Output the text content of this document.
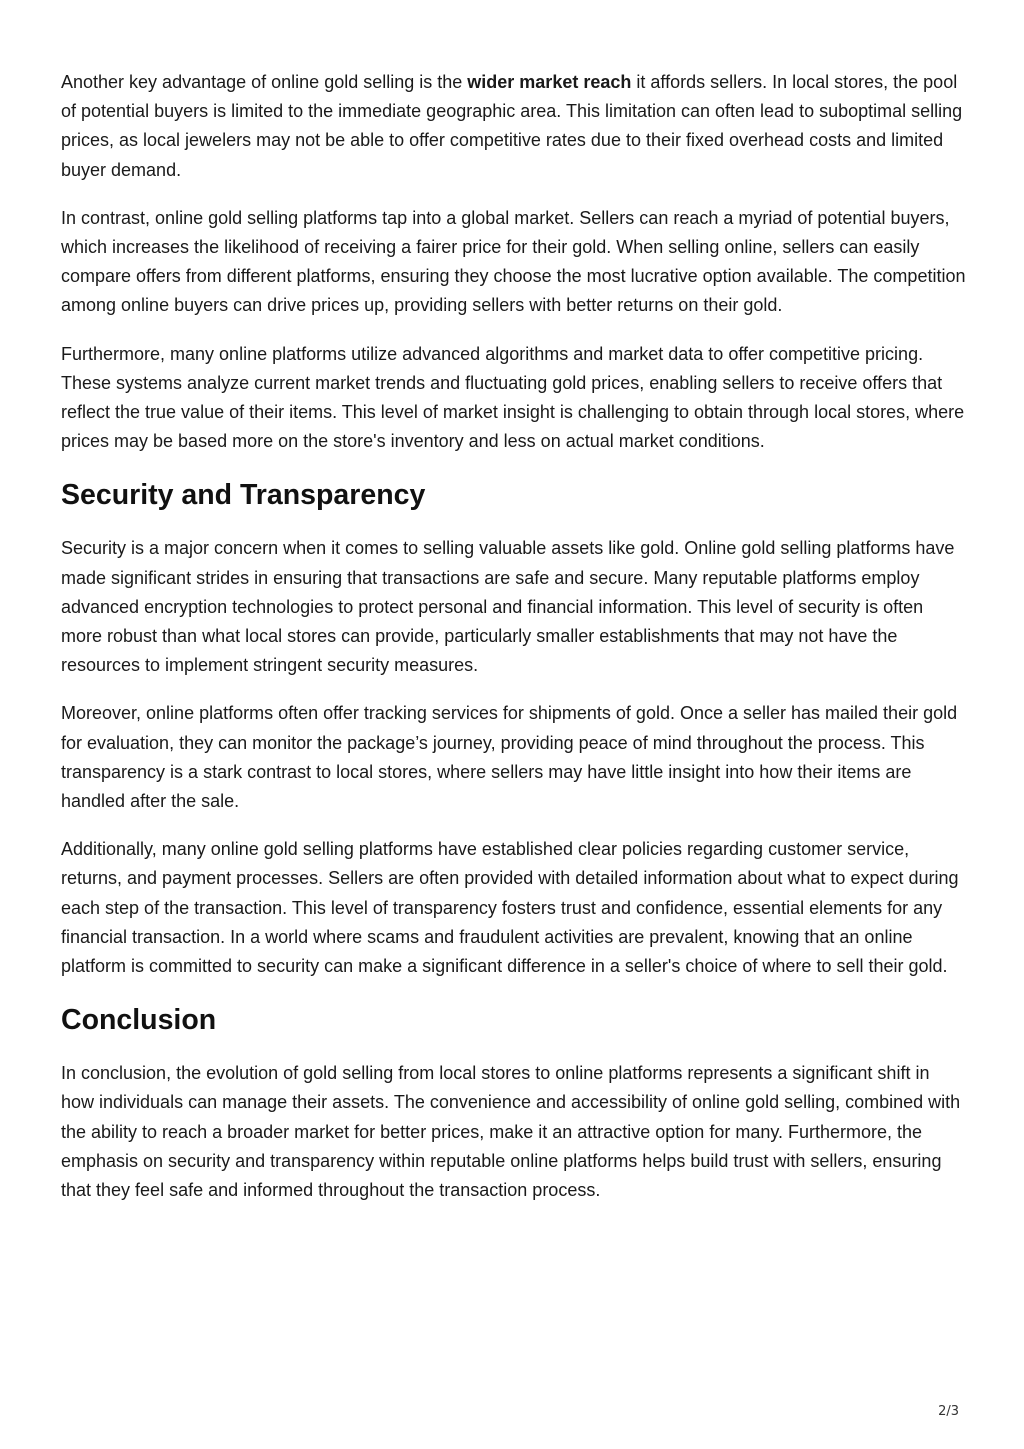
Another key advantage of online gold selling is the wider market reach it affords sellers. In local stores, the pool of potential buyers is limited to the immediate geographic area. This limitation can often lead to suboptimal selling prices, as local jewelers may not be able to offer competitive rates due to their fixed overhead costs and limited buyer demand.

In contrast, online gold selling platforms tap into a global market. Sellers can reach a myriad of potential buyers, which increases the likelihood of receiving a fairer price for their gold. When selling online, sellers can easily compare offers from different platforms, ensuring they choose the most lucrative option available. The competition among online buyers can drive prices up, providing sellers with better returns on their gold.

Furthermore, many online platforms utilize advanced algorithms and market data to offer competitive pricing. These systems analyze current market trends and fluctuating gold prices, enabling sellers to receive offers that reflect the true value of their items. This level of market insight is challenging to obtain through local stores, where prices may be based more on the store's inventory and less on actual market conditions.

Security and Transparency

Security is a major concern when it comes to selling valuable assets like gold. Online gold selling platforms have made significant strides in ensuring that transactions are safe and secure. Many reputable platforms employ advanced encryption technologies to protect personal and financial information. This level of security is often more robust than what local stores can provide, particularly smaller establishments that may not have the resources to implement stringent security measures.

Moreover, online platforms often offer tracking services for shipments of gold. Once a seller has mailed their gold for evaluation, they can monitor the package’s journey, providing peace of mind throughout the process. This transparency is a stark contrast to local stores, where sellers may have little insight into how their items are handled after the sale.

Additionally, many online gold selling platforms have established clear policies regarding customer service, returns, and payment processes. Sellers are often provided with detailed information about what to expect during each step of the transaction. This level of transparency fosters trust and confidence, essential elements for any financial transaction. In a world where scams and fraudulent activities are prevalent, knowing that an online platform is committed to security can make a significant difference in a seller's choice of where to sell their gold.

Conclusion

In conclusion, the evolution of gold selling from local stores to online platforms represents a significant shift in how individuals can manage their assets. The convenience and accessibility of online gold selling, combined with the ability to reach a broader market for better prices, make it an attractive option for many. Furthermore, the emphasis on security and transparency within reputable online platforms helps build trust with sellers, ensuring that they feel safe and informed throughout the transaction process.

2/3
